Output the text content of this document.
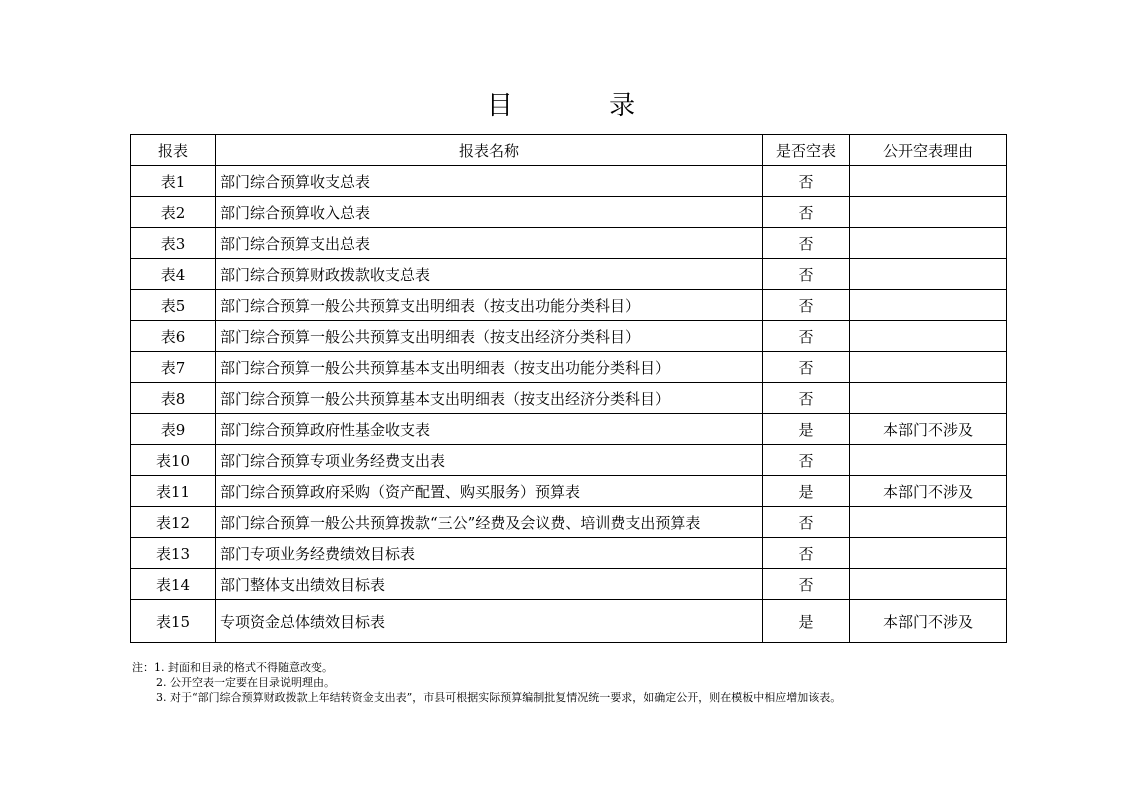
目 录
报表	报表名称	是否空表	公开空表理由
表1	部门综合预算收支总表	否	
表2	部门综合预算收入总表	否	
表3	部门综合预算支出总表	否	
表4	部门综合预算财政拨款收支总表	否	
表5	部门综合预算一般公共预算支出明细表（按支出功能分类科目）	否	
表6	部门综合预算一般公共预算支出明细表（按支出经济分类科目）	否	
表7	部门综合预算一般公共预算基本支出明细表（按支出功能分类科目）	否	
表8	部门综合预算一般公共预算基本支出明细表（按支出经济分类科目）	否	
表9	部门综合预算政府性基金收支表	是	本部门不涉及
表10	部门综合预算专项业务经费支出表	否	
表11	部门综合预算政府采购（资产配置、购买服务）预算表	是	本部门不涉及
表12	部门综合预算一般公共预算拨款“三公”经费及会议费、培训费支出预算表	否	
表13	部门专项业务经费绩效目标表	否	
表14	部门整体支出绩效目标表	否	
表15	专项资金总体绩效目标表	是	本部门不涉及
注：1. 封面和目录的格式不得随意改变。
2. 公开空表一定要在目录说明理由。
3. 对于“部门综合预算财政拨款上年结转资金支出表”，市县可根据实际预算编制批复情况统一要求，如确定公开，则在模板中相应增加该表。
